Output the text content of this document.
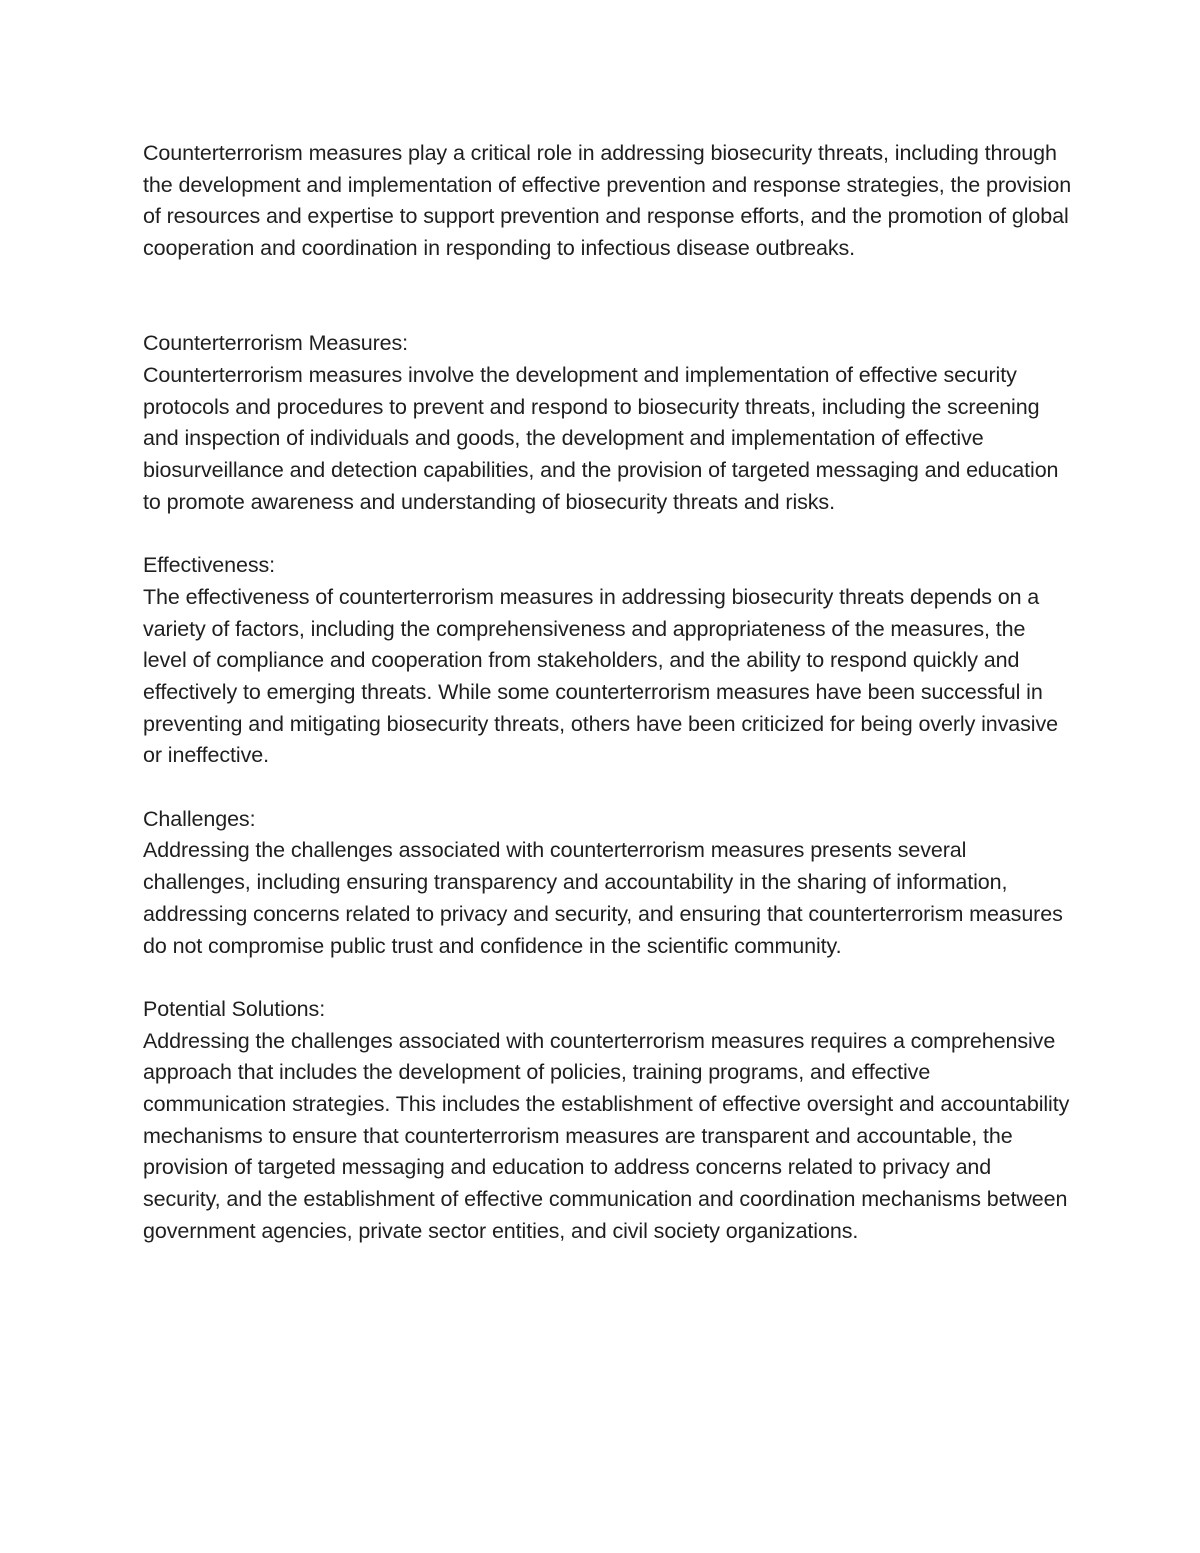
Counterterrorism measures play a critical role in addressing biosecurity threats, including through the development and implementation of effective prevention and response strategies, the provision of resources and expertise to support prevention and response efforts, and the promotion of global cooperation and coordination in responding to infectious disease outbreaks.

Counterterrorism Measures:
Counterterrorism measures involve the development and implementation of effective security protocols and procedures to prevent and respond to biosecurity threats, including the screening and inspection of individuals and goods, the development and implementation of effective biosurveillance and detection capabilities, and the provision of targeted messaging and education to promote awareness and understanding of biosecurity threats and risks.
Effectiveness:
The effectiveness of counterterrorism measures in addressing biosecurity threats depends on a variety of factors, including the comprehensiveness and appropriateness of the measures, the level of compliance and cooperation from stakeholders, and the ability to respond quickly and effectively to emerging threats. While some counterterrorism measures have been successful in preventing and mitigating biosecurity threats, others have been criticized for being overly invasive or ineffective.
Challenges:
Addressing the challenges associated with counterterrorism measures presents several challenges, including ensuring transparency and accountability in the sharing of information, addressing concerns related to privacy and security, and ensuring that counterterrorism measures do not compromise public trust and confidence in the scientific community.
Potential Solutions:
Addressing the challenges associated with counterterrorism measures requires a comprehensive approach that includes the development of policies, training programs, and effective communication strategies. This includes the establishment of effective oversight and accountability mechanisms to ensure that counterterrorism measures are transparent and accountable, the provision of targeted messaging and education to address concerns related to privacy and security, and the establishment of effective communication and coordination mechanisms between government agencies, private sector entities, and civil society organizations.
